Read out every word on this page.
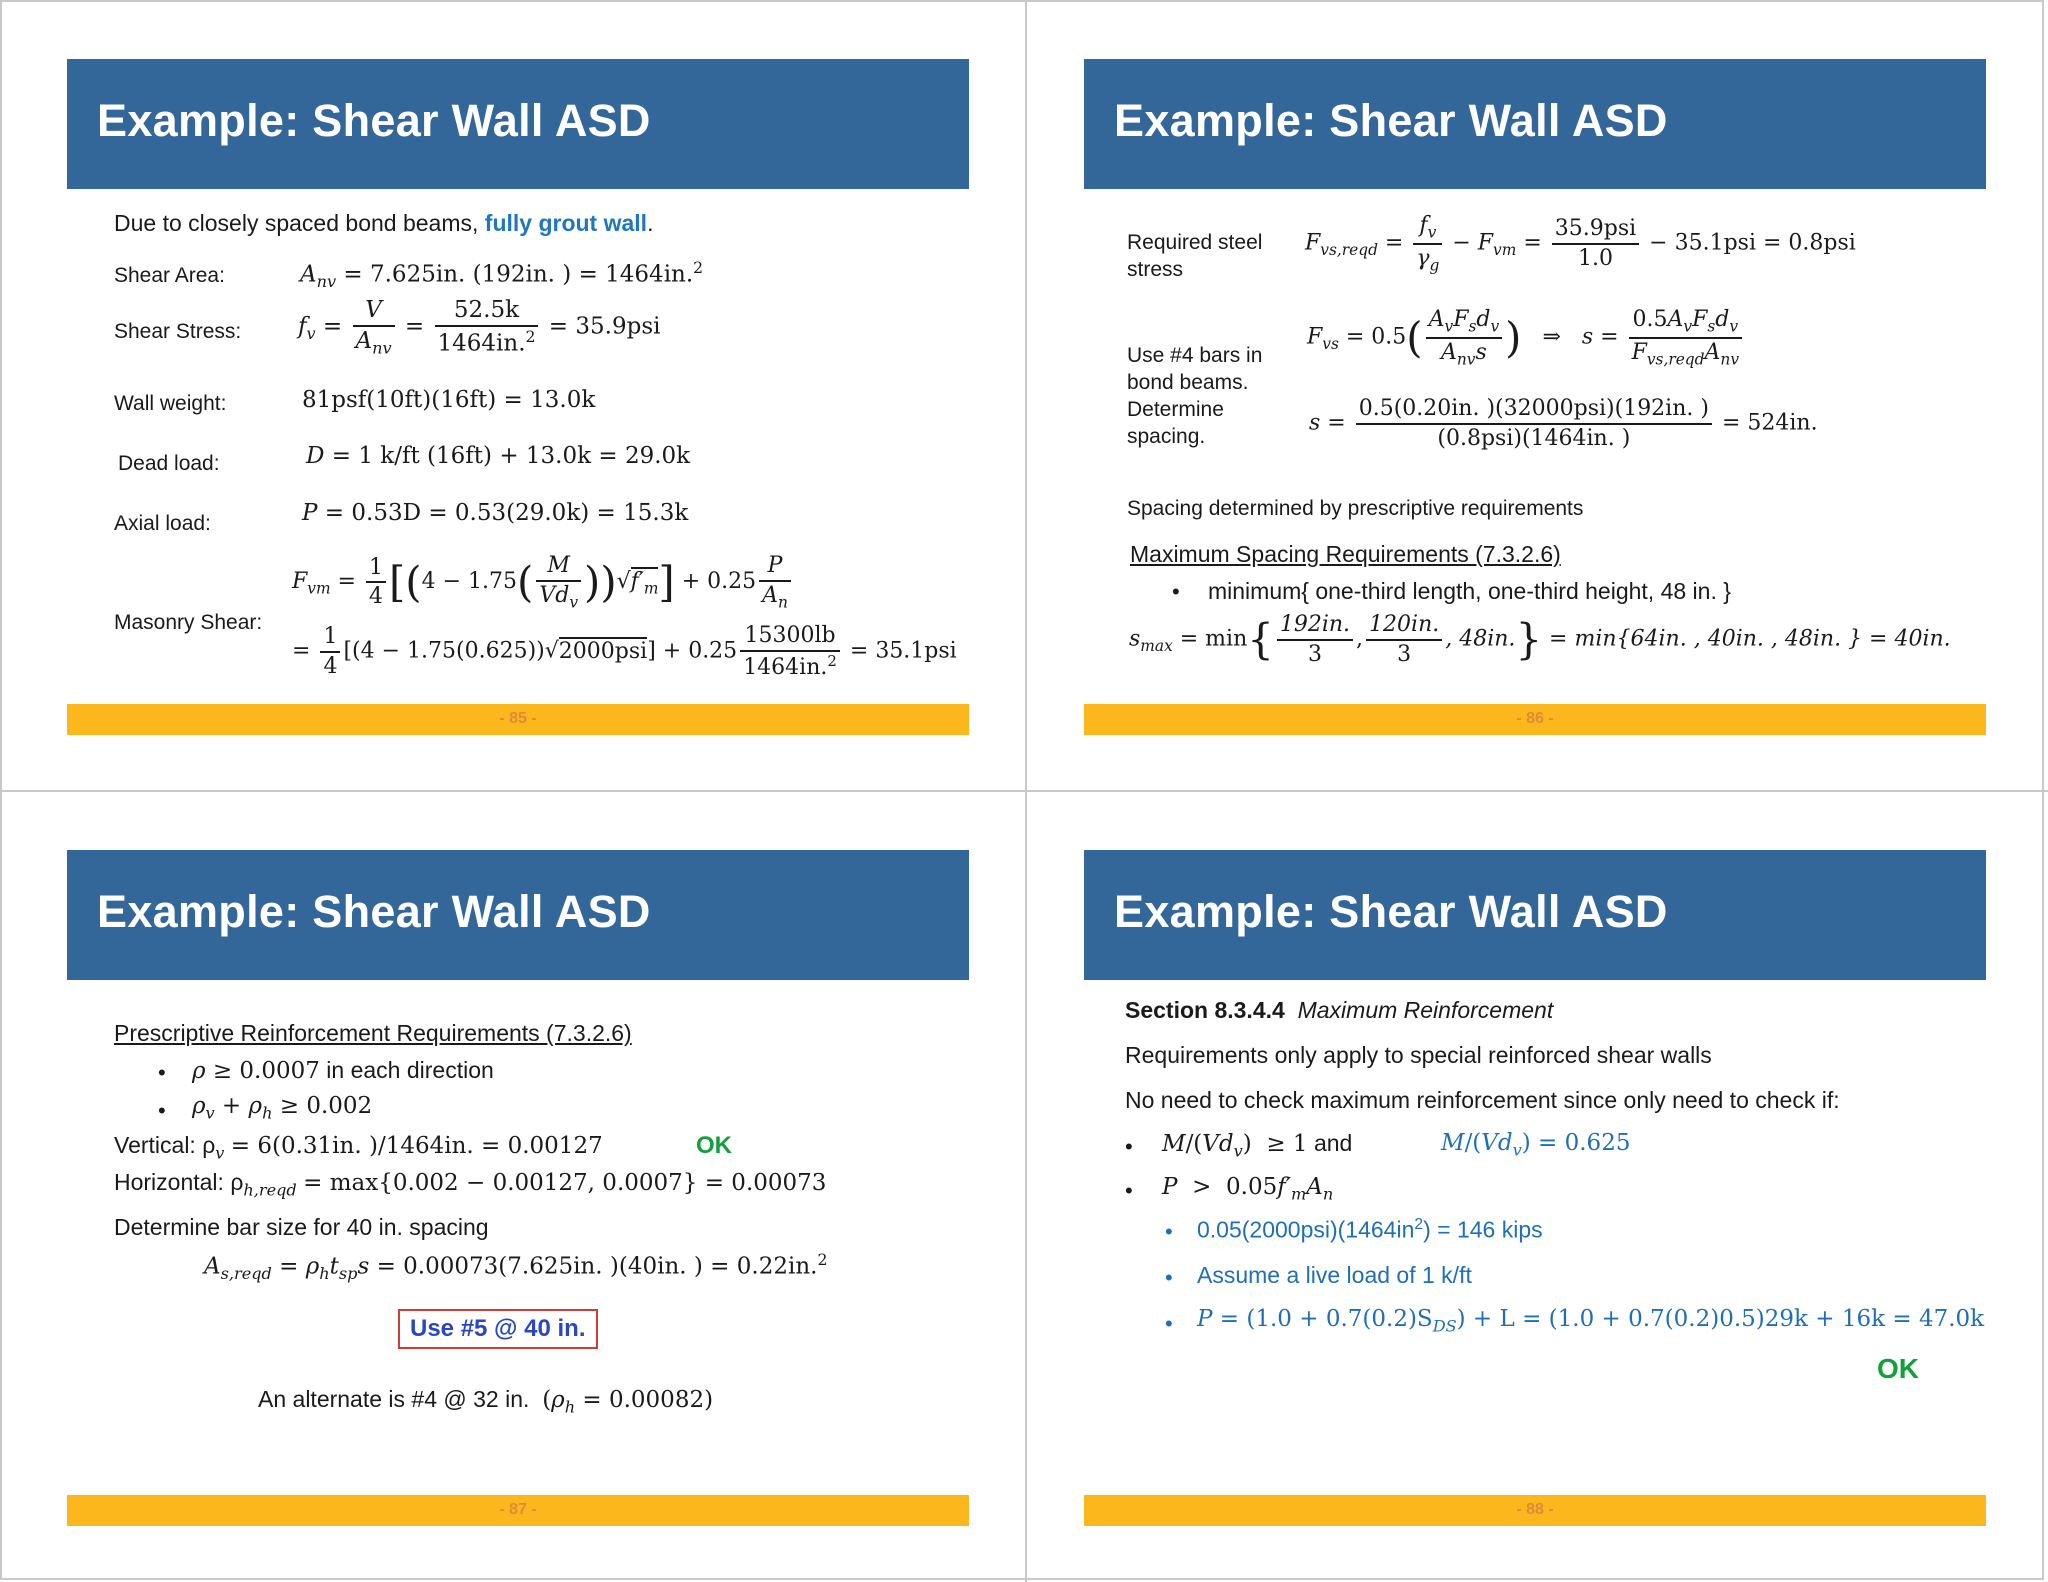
Example: Shear Wall ASD
Due to closely spaced bond beams, fully grout wall.
Shear Area:	$A_{nv} = 7.625in$. (192in. ) = 1464in.$^2$
Shear Stress: $f_v = \frac{V}{A_{nv}} = \frac{52.5k}{1464in.^2} = 35.9psi$
Wall weight:	81psf(10ft)(16ft) = 13.0k
Dead load:	D = 1 k/ft (16ft) + 13.0k = 29.0k
Axial load:	P = 0.53D = 0.53(29.0k) = 15.3k
Masonry Shear:
$F_{vm} = \frac{1}{4} [(4 - 1.75( \frac{M}{Vd_v} ))√f'_m] + 0.25 \frac{P}{A_n}$
= $\frac{1}{4} [(4 - 1.75(0.625))√2000psi] + 0.25 \frac{15300lb}{1464in.^2} = 35.1psi$
- 85 -
Example: Shear Wall ASD
Required steel
stress
$F_{vs,reqd} = \frac{f_v}{\gamma_g} - F_{vm} = \frac{\text{35.9psi}}{1.0} - 35.1psi = 0.8psi$
Use #4 bars in
bond beams.
Determine
spacing.
$F_{vs} = 0.5( \frac{A_vF_sd_v}{A_{nv}s}$ )   ⇒   $s = \frac{0.5A_vF_sd_v}{F_{vs,reqd}A_{nv}}$
$s = \frac{\text{0.5(0.20in. )(32000psi)(192in. )}}{\text{(0.8psi)(1464in. )}} = 524in$.
Spacing determined by prescriptive requirements
Maximum Spacing Requirements (7.3.2.6)
• minimum{ one-third length, one-third height, 48 in. }
$s_{max} = \min\{ \frac{192in.}{3}$ , $\frac{120in.}{3}$ , 48in.} = min{64in. , 40in. , 48in. } = 40in.
- 86 -
Example: Shear Wall ASD
Prescriptive Reinforcement Requirements (7.3.2.6)
• ρ ≥ 0.0007 in each direction
• $\rho_v + \rho_h \ge 0.002$
Vertical: $\rho_v = 6(0.31in$. )/1464in. = 0.00127	OK
Horizontal: $\rho_{h,reqd} = \max\{0.002 - 0.00127$, 0.0007} = 0.00073
Determine bar size for 40 in. spacing
$A_{s,reqd} = \rho_ht_{sp}s = 0.00073(7.625in$. )(40in. ) = 0.22in.$^2$
Use #5 @ 40 in.
An alternate is #4 @ 32 in. $(\rho_h = 0.00082)$
- 87 -
Example: Shear Wall ASD
Section 8.3.4.4 Maximum Reinforcement
Requirements only apply to special reinforced shear walls
No need to check maximum reinforcement since only need to check if:
• $M/(Vd_v) \ge 1$ and	$M/(Vd_v) = 0.625$
• $P > 0.05f'_mA_n$
• $0.05(2000psi)(1464in^2) = 146$ kips
• Assume a live load of 1 k/ft
• $P = (1.0 + 0.7(0.2)S_{DS}) + L = (1.0 + 0.7(0.2)0.5)29k + 16k = 47.0k$
OK
- 88 -
